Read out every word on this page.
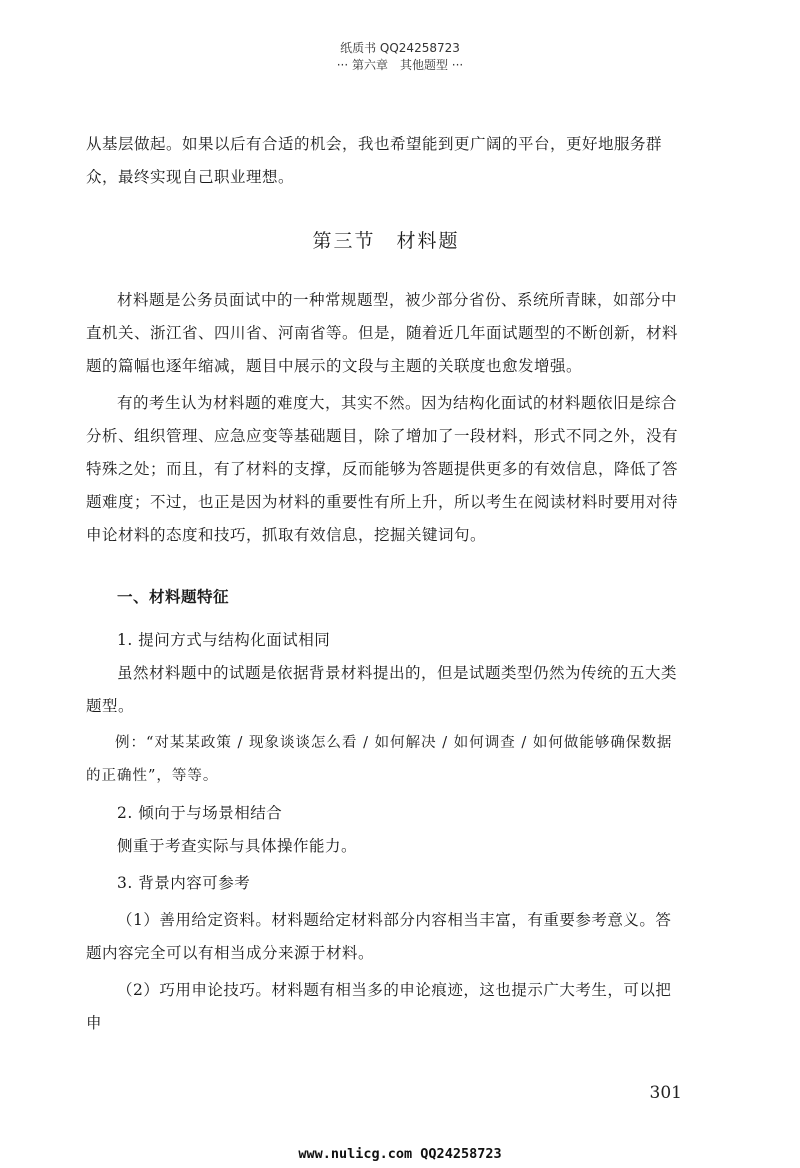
纸质书 QQ24258723
··· 第六章　其他题型 ···

从基层做起。如果以后有合适的机会，我也希望能到更广阔的平台，更好地服务群众，最终实现自己职业理想。

第三节　材料题

材料题是公务员面试中的一种常规题型，被少部分省份、系统所青睐，如部分中直机关、浙江省、四川省、河南省等。但是，随着近几年面试题型的不断创新，材料题的篇幅也逐年缩减，题目中展示的文段与主题的关联度也愈发增强。

有的考生认为材料题的难度大，其实不然。因为结构化面试的材料题依旧是综合分析、组织管理、应急应变等基础题目，除了增加了一段材料，形式不同之外，没有特殊之处；而且，有了材料的支撑，反而能够为答题提供更多的有效信息，降低了答题难度；不过，也正是因为材料的重要性有所上升，所以考生在阅读材料时要用对待申论材料的态度和技巧，抓取有效信息，挖掘关键词句。

一、材料题特征

1. 提问方式与结构化面试相同

虽然材料题中的试题是依据背景材料提出的，但是试题类型仍然为传统的五大类题型。

例：“对某某政策 / 现象谈谈怎么看 / 如何解决 / 如何调查 / 如何做能够确保数据的正确性”，等等。

2. 倾向于与场景相结合

侧重于考查实际与具体操作能力。

3. 背景内容可参考

（1）善用给定资料。材料题给定材料部分内容相当丰富，有重要参考意义。答题内容完全可以有相当成分来源于材料。

（2）巧用申论技巧。材料题有相当多的申论痕迹，这也提示广大考生，可以把申

301
www.nulicg.com QQ24258723
